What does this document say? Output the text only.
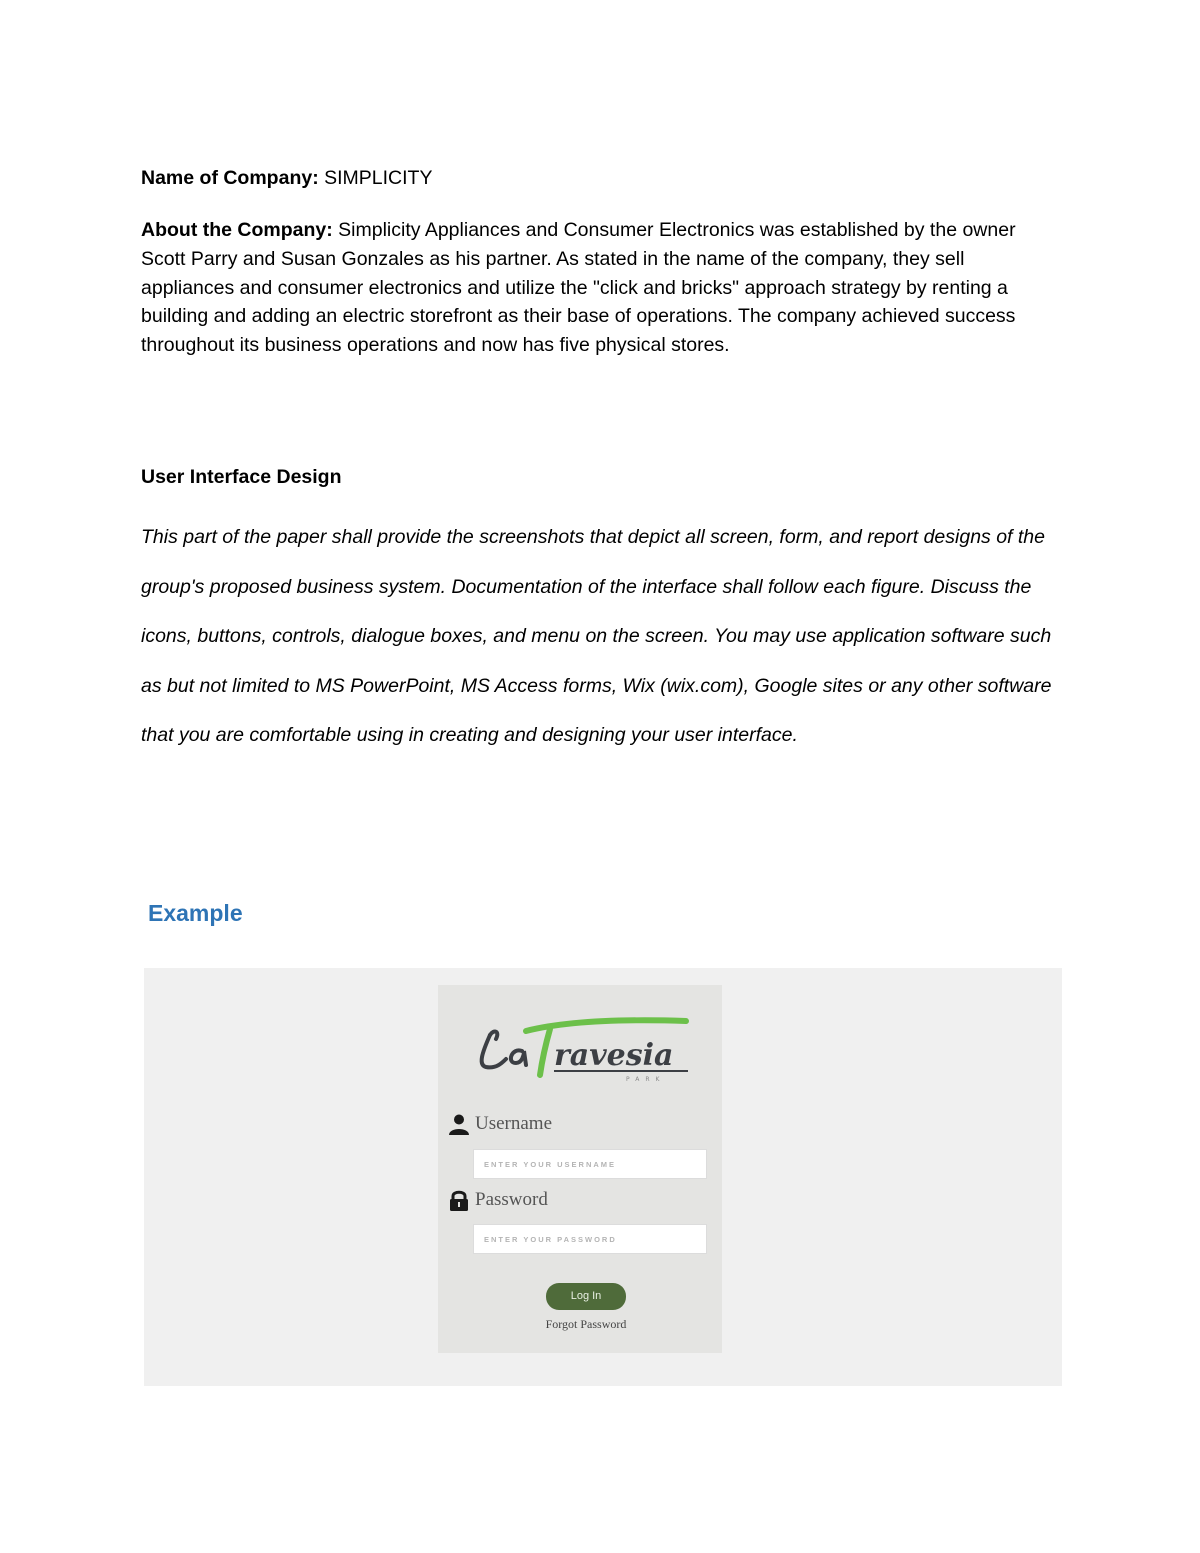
Name of Company: SIMPLICITY

About the Company: Simplicity Appliances and Consumer Electronics was established by the owner Scott Parry and Susan Gonzales as his partner. As stated in the name of the company, they sell appliances and consumer electronics and utilize the "click and bricks" approach strategy by renting a building and adding an electric storefront as their base of operations. The company achieved success throughout its business operations and now has five physical stores.

User Interface Design

This part of the paper shall provide the screenshots that depict all screen, form, and report designs of the group's proposed business system. Documentation of the interface shall follow each figure. Discuss the icons, buttons, controls, dialogue boxes, and menu on the screen. You may use application software such as but not limited to MS PowerPoint, MS Access forms, Wix (wix.com), Google sites or any other software that you are comfortable using in creating and designing your user interface.

Example

ravesia
PARK
Username
ENTER YOUR USERNAME
Password
Log In
Forgot Password
